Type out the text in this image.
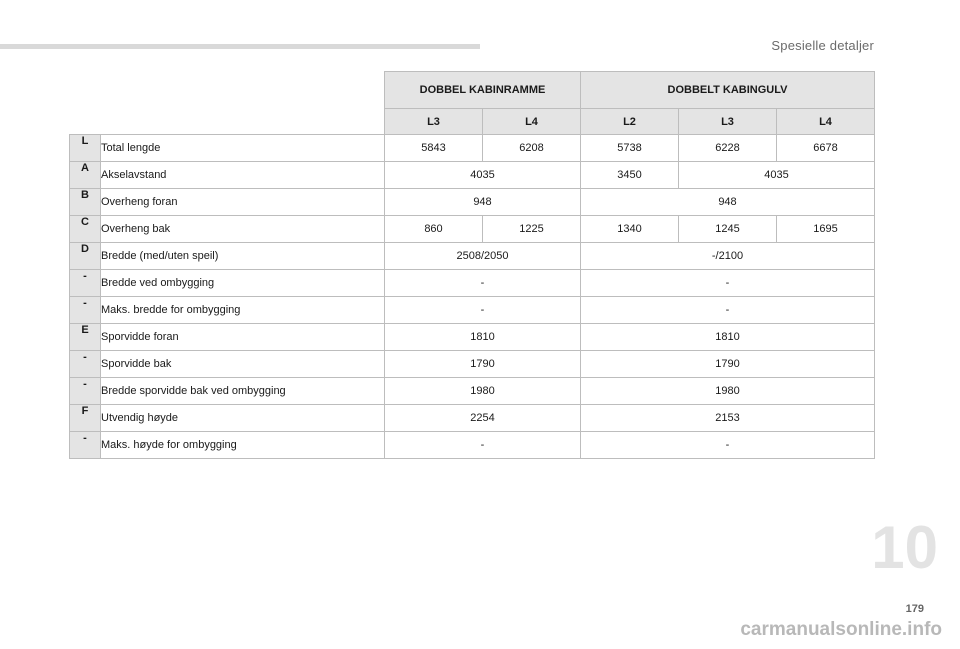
Spesielle detaljer
		DOBBEL KABINRAMME		DOBBELT KABINGULV		
		L3	L4	L2	L3	L4
L	Total lengde	5843	6208	5738	6228	6678
A	Akselavstand	4035		3450	4035	
B	Overheng foran	948		948		
C	Overheng bak	860	1225	1340	1245	1695
D	Bredde (med/uten speil)	2508/2050		-/2100		
-	Bredde ved ombygging	-		-		
-	Maks. bredde for ombygging	-		-		
E	Sporvidde foran	1810		1810		
-	Sporvidde bak	1790		1790		
-	Bredde sporvidde bak ved ombygging	1980		1980		
F	Utvendig høyde	2254		2153		
-	Maks. høyde for ombygging	-		-		
10
179
carmanualsonline.info
